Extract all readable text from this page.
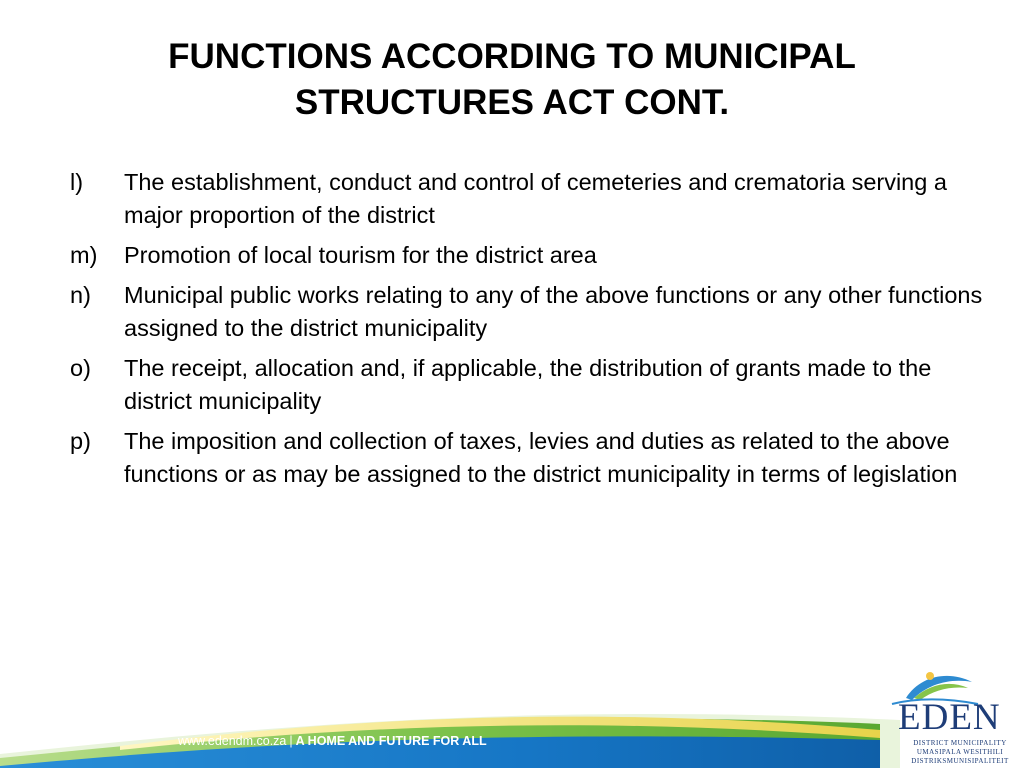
FUNCTIONS ACCORDING TO MUNICIPAL
STRUCTURES ACT CONT.
l)	The establishment, conduct and control of cemeteries and crematoria serving a major proportion of the district
m)	Promotion of local tourism for the district area
n)	Municipal public works relating to any of the above functions or any other functions assigned to the district municipality
o)	The receipt, allocation and, if applicable, the distribution of grants made to the district municipality
p)	The imposition and collection of taxes, levies and duties as related to the above functions or as may be assigned to the district municipality in terms of legislation
www.edendm.co.za | A HOME AND FUTURE FOR ALL
EDEN
DISTRICT MUNICIPALITY
UMASIPALA WESITHILI
DISTRIKSMUNISIPALITEIT
